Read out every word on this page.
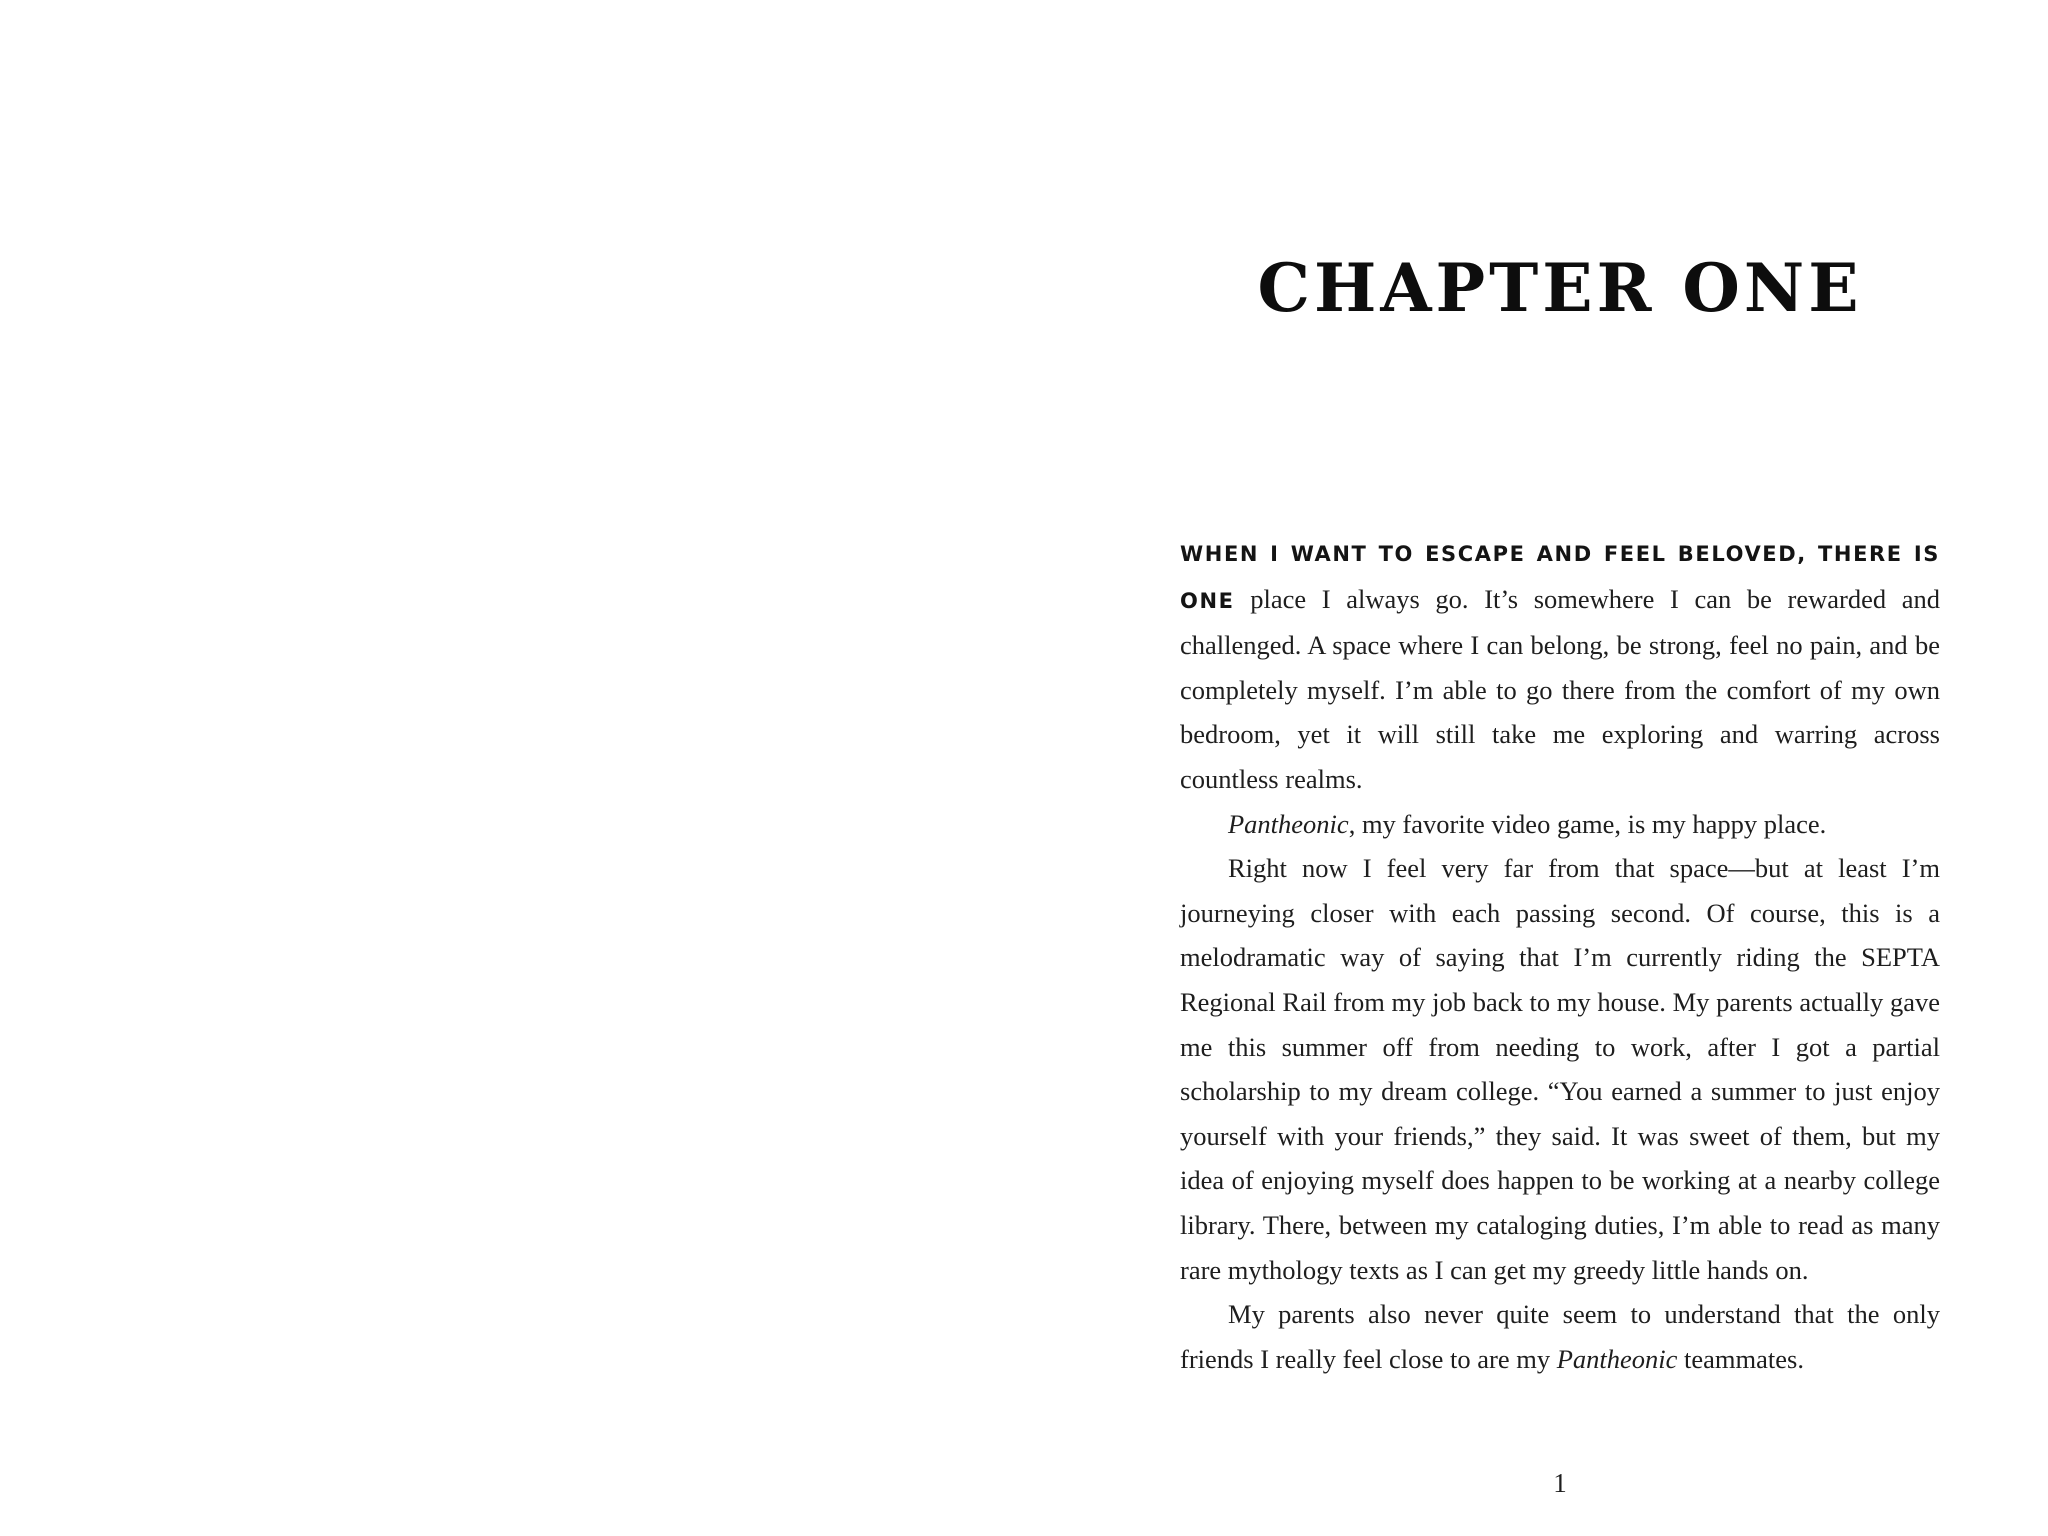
CHAPTER ONE

WHEN I WANT TO ESCAPE AND FEEL BELOVED, THERE IS ONE place I always go. It’s somewhere I can be rewarded and challenged. A space where I can belong, be strong, feel no pain, and be completely myself. I’m able to go there from the comfort of my own bedroom, yet it will still take me exploring and warring across countless realms.

Pantheonic, my favorite video game, is my happy place.

Right now I feel very far from that space—but at least I’m journeying closer with each passing second. Of course, this is a melodramatic way of saying that I’m currently riding the SEPTA Regional Rail from my job back to my house. My parents actually gave me this summer off from needing to work, after I got a partial scholarship to my dream college. “You earned a summer to just enjoy yourself with your friends,” they said. It was sweet of them, but my idea of enjoying myself does happen to be working at a nearby college library. There, between my cataloging duties, I’m able to read as many rare mythology texts as I can get my greedy little hands on.

My parents also never quite seem to understand that the only friends I really feel close to are my Pantheonic teammates.

1
